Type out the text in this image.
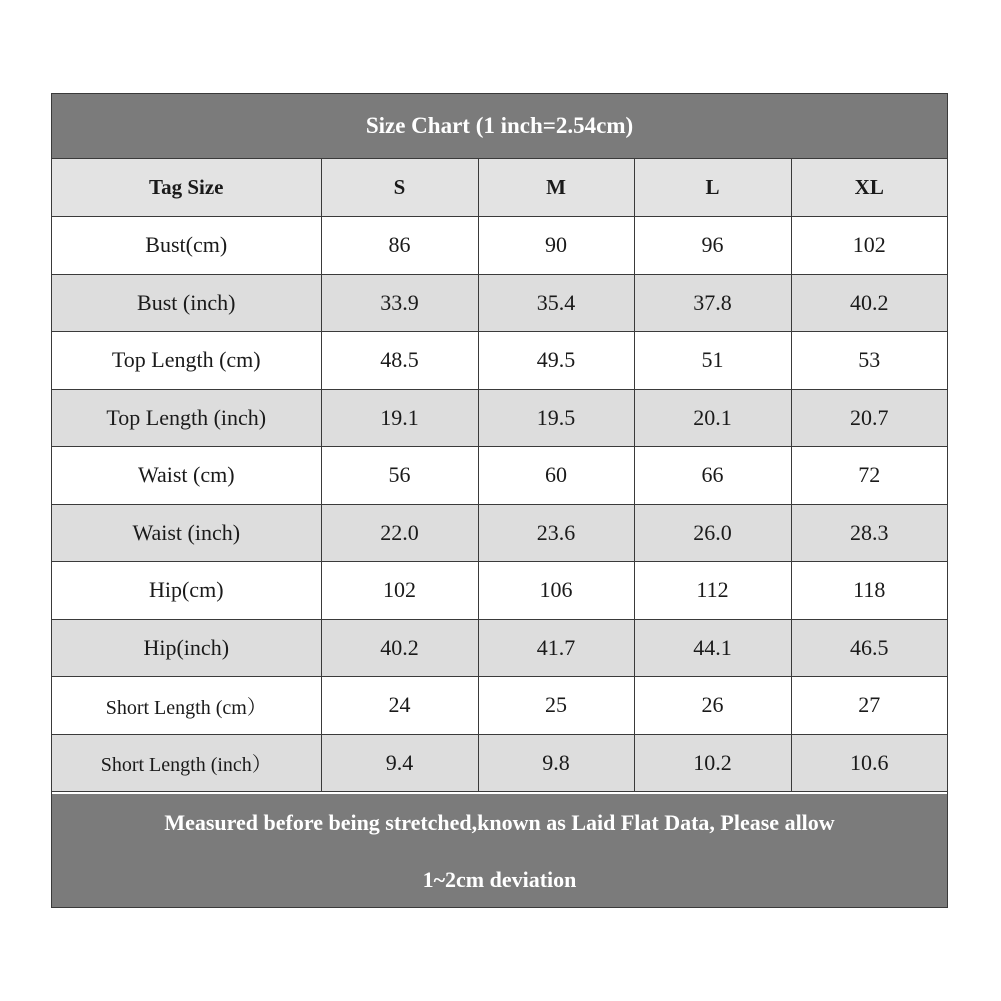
Size Chart (1 inch=2.54cm)
Tag Size	S	M	L	XL
Bust(cm)	86	90	96	102
Bust (inch)	33.9	35.4	37.8	40.2
Top Length (cm)	48.5	49.5	51	53
Top Length (inch)	19.1	19.5	20.1	20.7
Waist (cm)	56	60	66	72
Waist (inch)	22.0	23.6	26.0	28.3
Hip(cm)	102	106	112	118
Hip(inch)	40.2	41.7	44.1	46.5
Short Length (cm）	24	25	26	27
Short Length (inch）	9.4	9.8	10.2	10.6
Measured before being stretched,known as Laid Flat Data, Please allow
1~2cm deviation
